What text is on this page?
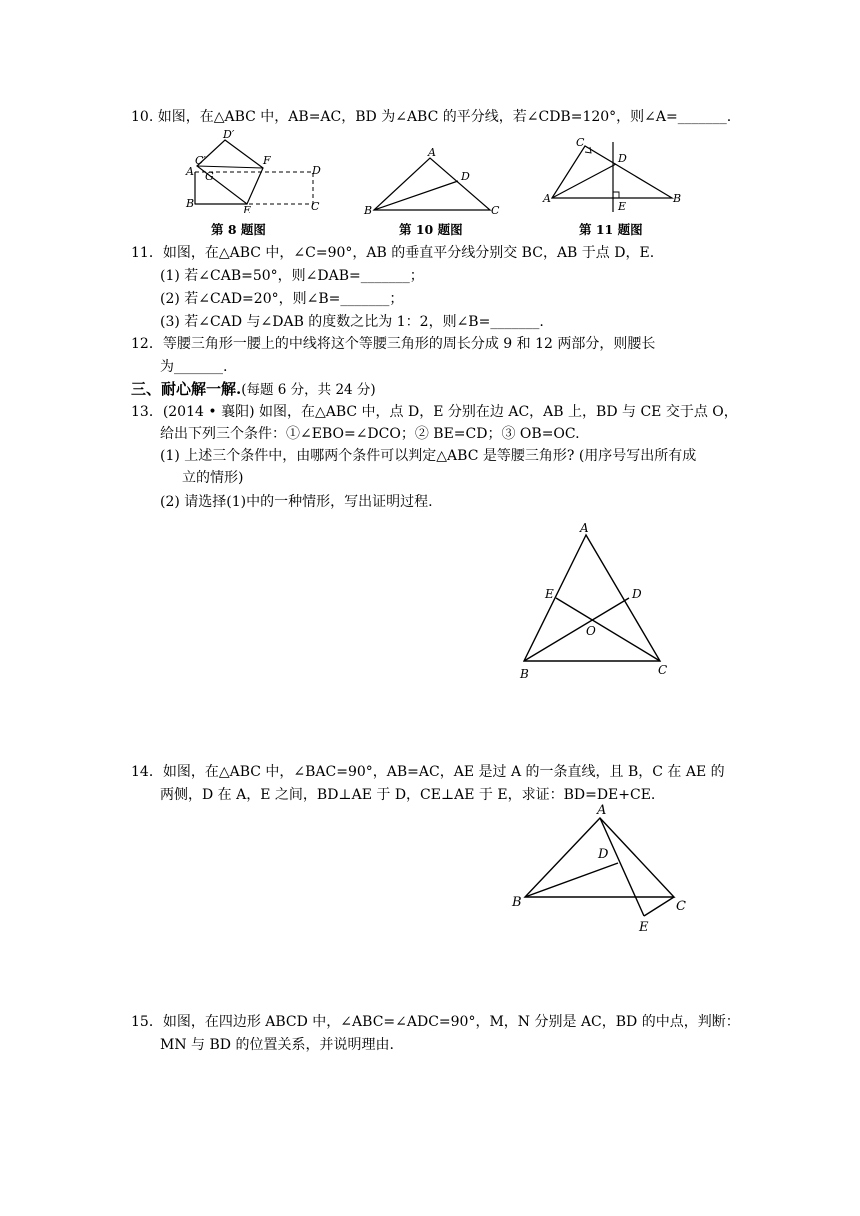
10. 如图，在△ABC 中，AB=AC，BD 为∠ABC 的平分线，若∠CDB=120°，则∠A=_______.
D′
C′	F
A G	D
B
E	C
第 8 题图
A
D
B	C
第 10 题图
C
D
A
E
B
第 11 题图
11．如图，在△ABC 中，∠C=90°，AB 的垂直平分线分别交 BC，AB 于点 D，E.
(1) 若∠CAB=50°，则∠DAB=_______；
(2) 若∠CAD=20°，则∠B=_______；
(3) 若∠CAD 与∠DAB 的度数之比为 1：2，则∠B=_______.
12．等腰三角形一腰上的中线将这个等腰三角形的周长分成 9 和 12 两部分，则腰长
为_______.
三、耐心解一解.(每题 6 分，共 24 分)
13．(2014 • 襄阳) 如图，在△ABC 中，点 D，E 分别在边 AC，AB 上，BD 与 CE 交于点 O，
给出下列三个条件：①∠EBO=∠DCO；② BE=CD；③ OB=OC.
(1) 上述三个条件中，由哪两个条件可以判定△ABC 是等腰三角形? (用序号写出所有成
立的情形)
(2) 请选择(1)中的一种情形，写出证明过程.
A
E	D
O
B	C
14．如图，在△ABC 中，∠BAC=90°，AB=AC，AE 是过 A 的一条直线，且 B，C 在 AE 的
两侧，D 在 A，E 之间，BD⊥AE 于 D，CE⊥AE 于 E，求证：BD=DE+CE.
A
D
B	C
E
15．如图，在四边形 ABCD 中，∠ABC=∠ADC=90°，M，N 分别是 AC，BD 的中点，判断：
MN 与 BD 的位置关系，并说明理由.
